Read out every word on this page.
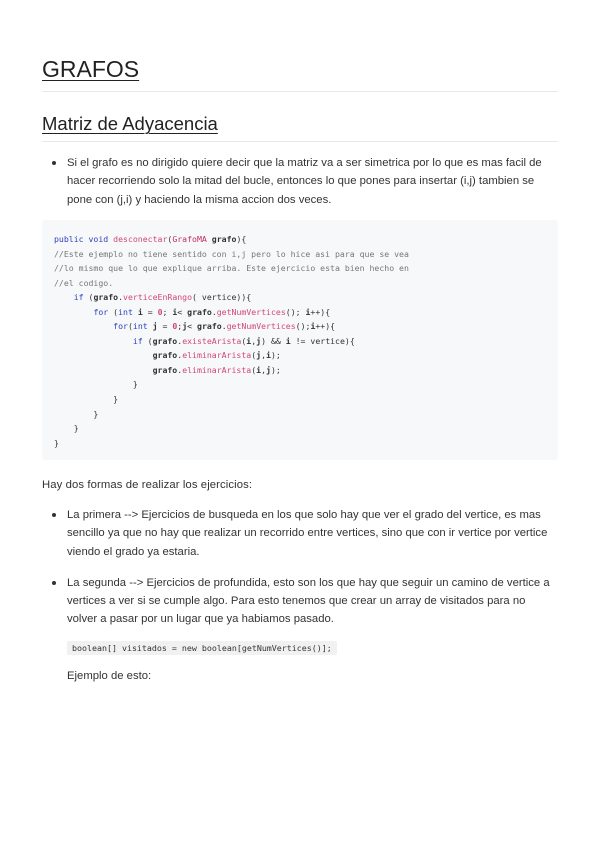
GRAFOS
Matriz de Adyacencia
Si el grafo es no dirigido quiere decir que la matriz va a ser simetrica por lo que es mas facil de hacer recorriendo solo la mitad del bucle, entonces lo que pones para insertar (i,j) tambien se pone con (j,i) y haciendo la misma accion dos veces.
public void desconectar(GrafoMA grafo){
//Este ejemplo no tiene sentido con i,j pero lo hice asi para que se vea
//lo mismo que lo que explique arriba. Este ejercicio esta bien hecho en
//el codigo.
if (grafo.verticeEnRango( vertice)){
for (int i = 0; i< grafo.getNumVertices(); i++){
for(int j = 0;j< grafo.getNumVertices();i++){
if (grafo.existeArista(i,j) && i != vertice){
grafo.eliminarArista(j,i);
grafo.eliminarArista(i,j);
}
}
}
}
}
Hay dos formas de realizar los ejercicios:
La primera --> Ejercicios de busqueda en los que solo hay que ver el grado del vertice, es mas sencillo ya que no hay que realizar un recorrido entre vertices, sino que con ir vertice por vertice viendo el grado ya estaria.
La segunda --> Ejercicios de profundida, esto son los que hay que seguir un camino de vertice a vertices a ver si se cumple algo. Para esto tenemos que crear un array de visitados para no volver a pasar por un lugar que ya habiamos pasado.
boolean[] visitados = new boolean[getNumVertices()];
Ejemplo de esto:
